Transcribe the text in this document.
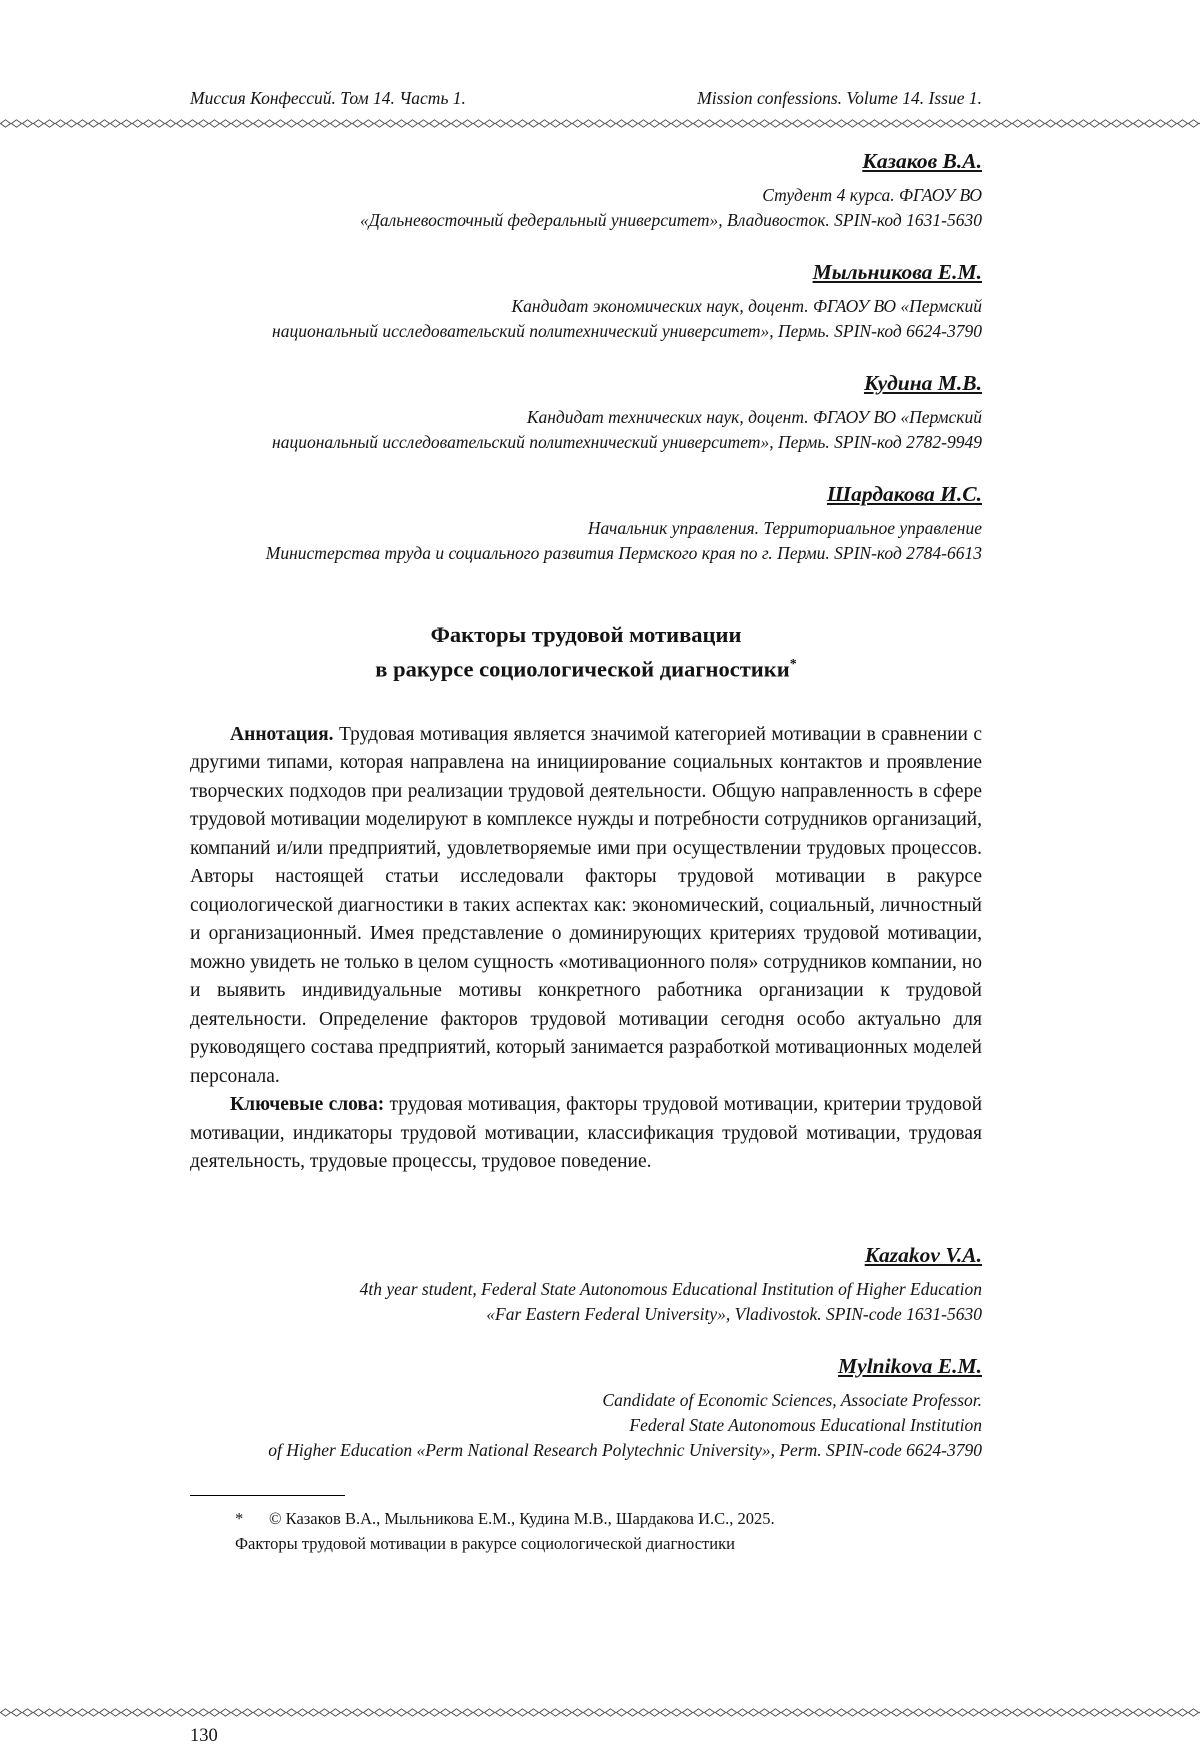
Миссия Конфессий. Том 14. Часть 1.	Mission confessions. Volume 14. Issue 1.
Казаков В.А.
Студент 4 курса. ФГАОУ ВО
«Дальневосточный федеральный университет», Владивосток. SPIN-код 1631-5630
Мыльникова Е.М.
Кандидат экономических наук, доцент. ФГАОУ ВО «Пермский
национальный исследовательский политехнический университет», Пермь. SPIN-код 6624-3790
Кудина М.В.
Кандидат технических наук, доцент. ФГАОУ ВО «Пермский
национальный исследовательский политехнический университет», Пермь. SPIN-код 2782-9949
Шардакова И.С.
Начальник управления. Территориальное управление
Министерства труда и социального развития Пермского края по г. Перми. SPIN-код 2784-6613
Факторы трудовой мотивации
в ракурсе социологической диагностики*

Аннотация. Трудовая мотивация является значимой категорией мотивации в сравнении с другими типами, которая направлена на инициирование социальных контактов и проявление творческих подходов при реализации трудовой деятельности. Общую направленность в сфере трудовой мотивации моделируют в комплексе нужды и потребности сотрудников организаций, компаний и/или предприятий, удовлетворяемые ими при осуществлении трудовых процессов. Авторы настоящей статьи исследовали факторы трудовой мотивации в ракурсе социологической диагностики в таких аспектах как: экономический, социальный, личностный и организационный. Имея представление о доминирующих критериях трудовой мотивации, можно увидеть не только в целом сущность «мотивационного поля» сотрудников компании, но и выявить индивидуальные мотивы конкретного работника организации к трудовой деятельности. Определение факторов трудовой мотивации сегодня особо актуально для руководящего состава предприятий, который занимается разработкой мотивационных моделей персонала.

Ключевые слова: трудовая мотивация, факторы трудовой мотивации, критерии трудовой мотивации, индикаторы трудовой мотивации, классификация трудовой мотивации, трудовая деятельность, трудовые процессы, трудовое поведение.

Kazakov V.A.
4th year student, Federal State Autonomous Educational Institution of Higher Education
«Far Eastern Federal University», Vladivostok. SPIN-code 1631-5630
Mylnikova E.M.
Candidate of Economic Sciences, Associate Professor.
Federal State Autonomous Educational Institution
of Higher Education «Perm National Research Polytechnic University», Perm. SPIN-code 6624-3790
* © Казаков В.А., Мыльникова Е.М., Кудина М.В., Шардакова И.С., 2025.
Факторы трудовой мотивации в ракурсе социологической диагностики
130
